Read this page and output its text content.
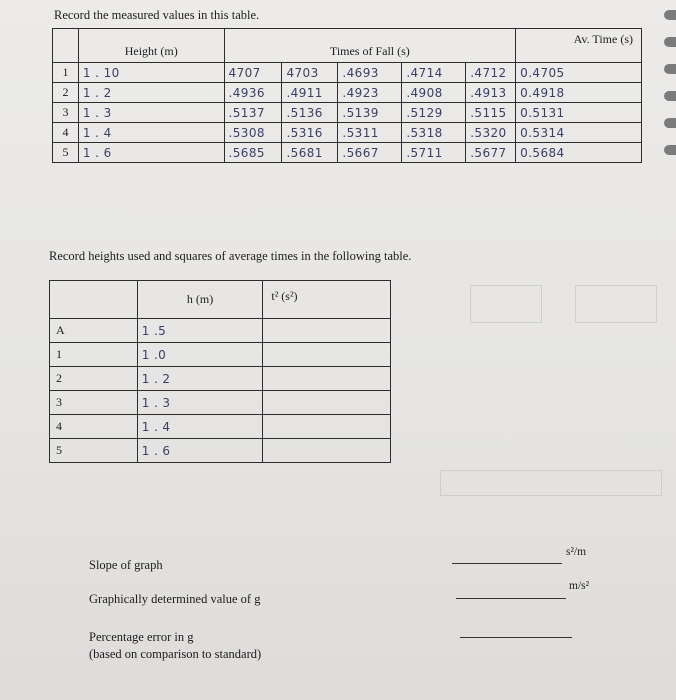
Record the measured values in this table.
	Height (m)	Times of Fall (s)					Av. Time (s)
1	1 . 10	4707	4703	.4693	.4714	.4712	0.4705
2	1 . 2	.4936	.4911	.4923	.4908	.4913	0.4918
3	1 . 3	.5137	.5136	.5139	.5129	.5115	0.5131
4	1 . 4	.5308	.5316	.5311	.5318	.5320	0.5314
5	1 . 6	.5685	.5681	.5667	.5711	.5677	0.5684
Record heights used and squares of average times in the following table.
	h (m)	t² (s²)
A	1 .5	
1	1 .0	
2	1 . 2	
3	1 . 3	
4	1 . 4	
5	1 . 6	
Slope of graph
s²/m
Graphically determined value of g
m/s²
Percentage error in g
(based on comparison to standard)
